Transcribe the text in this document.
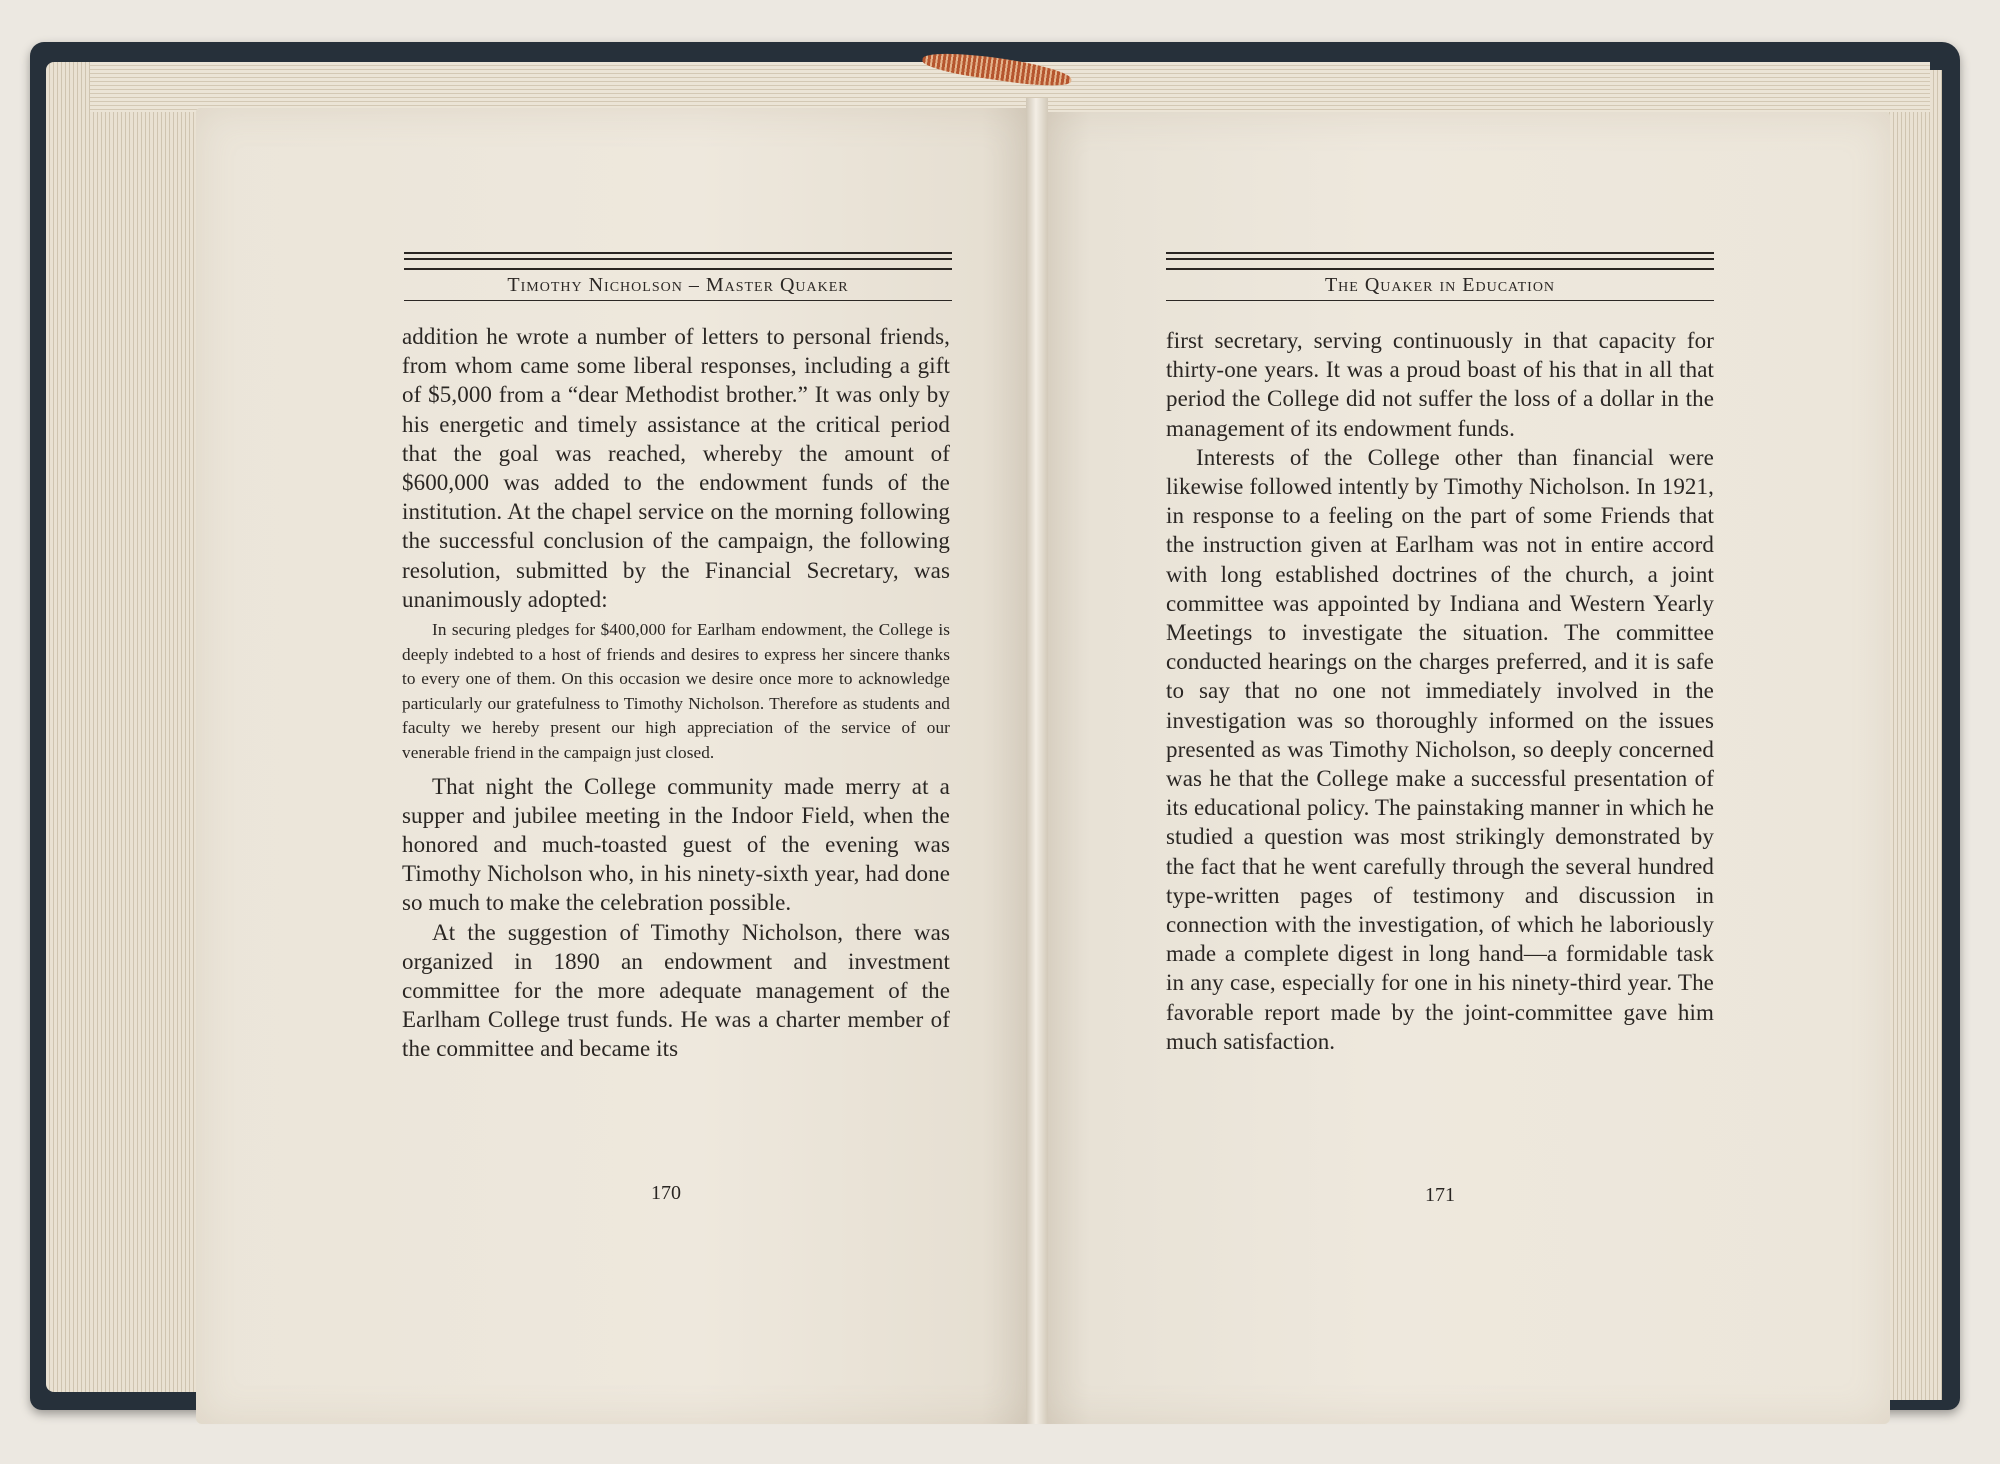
Timothy Nicholson – Master Quaker

addition he wrote a number of letters to personal friends, from whom came some liberal responses, including a gift of $5,000 from a “dear Methodist brother.” It was only by his energetic and timely assistance at the critical period that the goal was reached, whereby the amount of $600,000 was added to the endowment funds of the institution. At the chapel service on the morning following the successful conclusion of the campaign, the following resolution, submitted by the Financial Secretary, was unanimously adopted:

In securing pledges for $400,000 for Earlham endowment, the College is deeply indebted to a host of friends and desires to express her sincere thanks to every one of them. On this occasion we desire once more to acknowledge particularly our gratefulness to Timothy Nicholson. Therefore as students and faculty we hereby present our high appreciation of the service of our venerable friend in the campaign just closed.

That night the College community made merry at a supper and jubilee meeting in the Indoor Field, when the honored and much-toasted guest of the evening was Timothy Nicholson who, in his ninety-sixth year, had done so much to make the celebration possible.

At the suggestion of Timothy Nicholson, there was organized in 1890 an endowment and investment committee for the more adequate management of the Earlham College trust funds. He was a charter member of the committee and became its

170
The Quaker in Education

first secretary, serving continuously in that capacity for thirty-one years. It was a proud boast of his that in all that period the College did not suffer the loss of a dollar in the management of its endowment funds.

Interests of the College other than financial were likewise followed intently by Timothy Nicholson. In 1921, in response to a feeling on the part of some Friends that the instruction given at Earlham was not in entire accord with long established doctrines of the church, a joint committee was appointed by Indiana and Western Yearly Meetings to investigate the situation. The committee conducted hearings on the charges preferred, and it is safe to say that no one not immediately involved in the investigation was so thoroughly informed on the issues presented as was Timothy Nicholson, so deeply concerned was he that the College make a successful presentation of its educational policy. The painstaking manner in which he studied a question was most strikingly demonstrated by the fact that he went carefully through the several hundred type-written pages of testimony and discussion in connection with the investigation, of which he laboriously made a complete digest in long hand—a formidable task in any case, especially for one in his ninety-third year. The favorable report made by the joint-committee gave him much satisfaction.

171
